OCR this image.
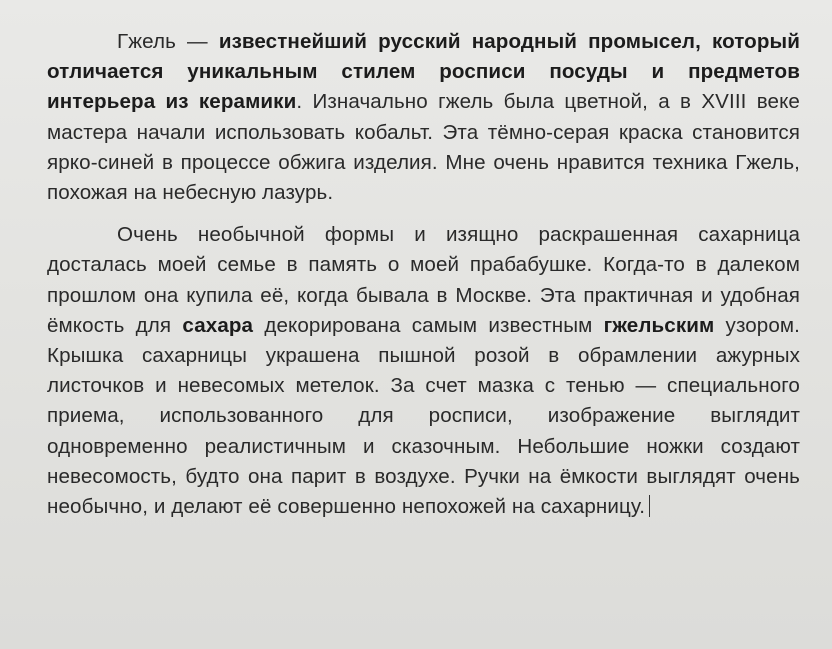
Гжель — известнейший русский народный промысел, который отличается уникальным стилем росписи посуды и предметов интерьера из керамики. Изначально гжель была цветной, а в XVIII веке мастера начали использовать кобальт. Эта тёмно-серая краска становится ярко-синей в процессе обжига изделия. Мне очень нравится техника Гжель, похожая на небесную лазурь.

Очень необычной формы и изящно раскрашенная сахарница досталась моей семье в память о моей прабабушке. Когда-то в далеком прошлом она купила её, когда бывала в Москве. Эта практичная и удобная ёмкость для сахара декорирована самым известным гжельским узором. Крышка сахарницы украшена пышной розой в обрамлении ажурных листочков и невесомых метелок. За счет мазка с тенью — специального приема, использованного для росписи, изображение выглядит одновременно реалистичным и сказочным. Небольшие ножки создают невесомость, будто она парит в воздухе. Ручки на ёмкости выглядят очень необычно, и делают её совершенно непохожей на сахарницу.
